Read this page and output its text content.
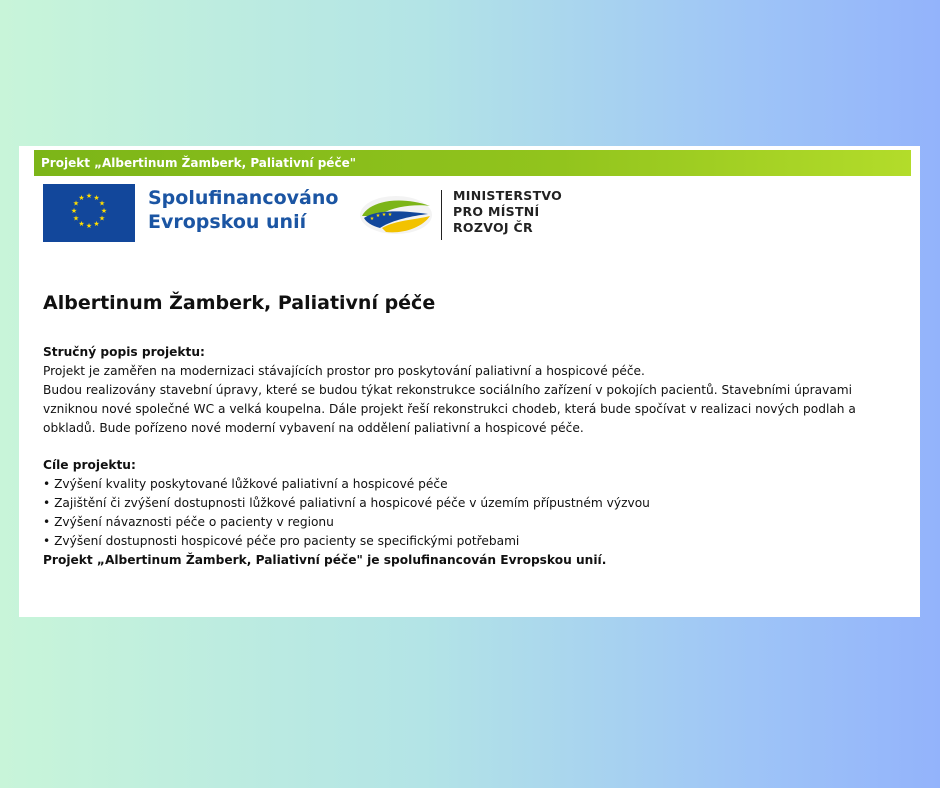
Projekt „Albertinum Žamberk, Paliativní péče"
★ ★
★
★
★
★
★
★
★
★
★
★	Spolufinancováno
Evropskou unií	★ ★ ★ ★
MINISTERSTVO
PRO MÍSTNÍ
ROZVOJ ČR
Albertinum Žamberk, Paliativní péče
Stručný popis projektu:

Projekt je zaměřen na modernizaci stávajících prostor pro poskytování paliativní a hospicové péče.

Budou realizovány stavební úpravy, které se budou týkat rekonstrukce sociálního zařízení v pokojích pacientů. Stavebními úpravami vzniknou nové společné WC a velká koupelna. Dále projekt řeší rekonstrukci chodeb, která bude spočívat v realizaci nových podlah a obkladů. Bude pořízeno nové moderní vybavení na oddělení paliativní a hospicové péče.

Cíle projektu:
• Zvýšení kvality poskytované lůžkové paliativní a hospicové péče
• Zajištění či zvýšení dostupnosti lůžkové paliativní a hospicové péče v územím přípustném výzvou
• Zvýšení návaznosti péče o pacienty v regionu
• Zvýšení dostupnosti hospicové péče pro pacienty se specifickými potřebami

Projekt „Albertinum Žamberk, Paliativní péče" je spolufinancován Evropskou unií.
